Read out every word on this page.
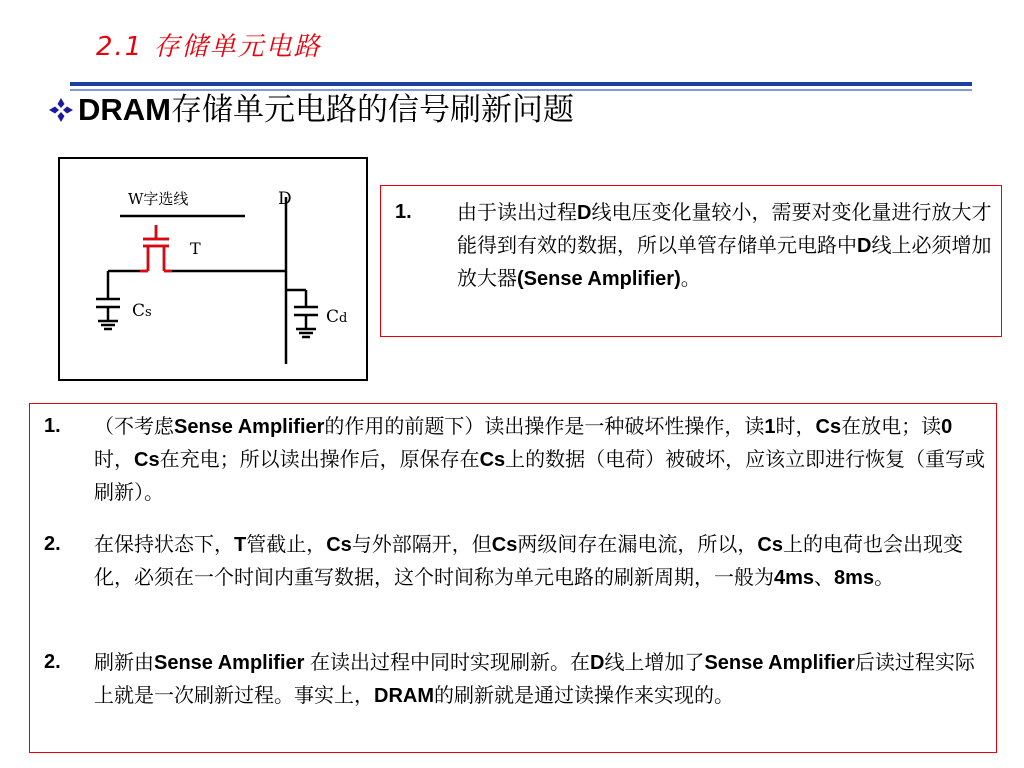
2.1 存储单元电路
DRAM存储单元电路的信号刷新问题
W字选线	D
T
Cs	Cd
1. 由于读出过程D线电压变化量较小，需要对变化量进行放大才能得到有效的数据，所以单管存储单元电路中D线上必须增加放大器(Sense Amplifier)。
1. （不考虑Sense Amplifier的作用的前题下）读出操作是一种破坏性操作，读1时，Cs在放电；读0时，Cs在充电；所以读出操作后，原保存在Cs上的数据（电荷）被破坏，应该立即进行恢复（重写或刷新）。
2. 在保持状态下，T管截止，Cs与外部隔开，但Cs两级间存在漏电流，所以，Cs上的电荷也会出现变化，必须在一个时间内重写数据，这个时间称为单元电路的刷新周期，一般为4ms、8ms。
2. 刷新由Sense Amplifier 在读出过程中同时实现刷新。在D线上增加了Sense Amplifier后读过程实际上就是一次刷新过程。事实上，DRAM的刷新就是通过读操作来实现的。
